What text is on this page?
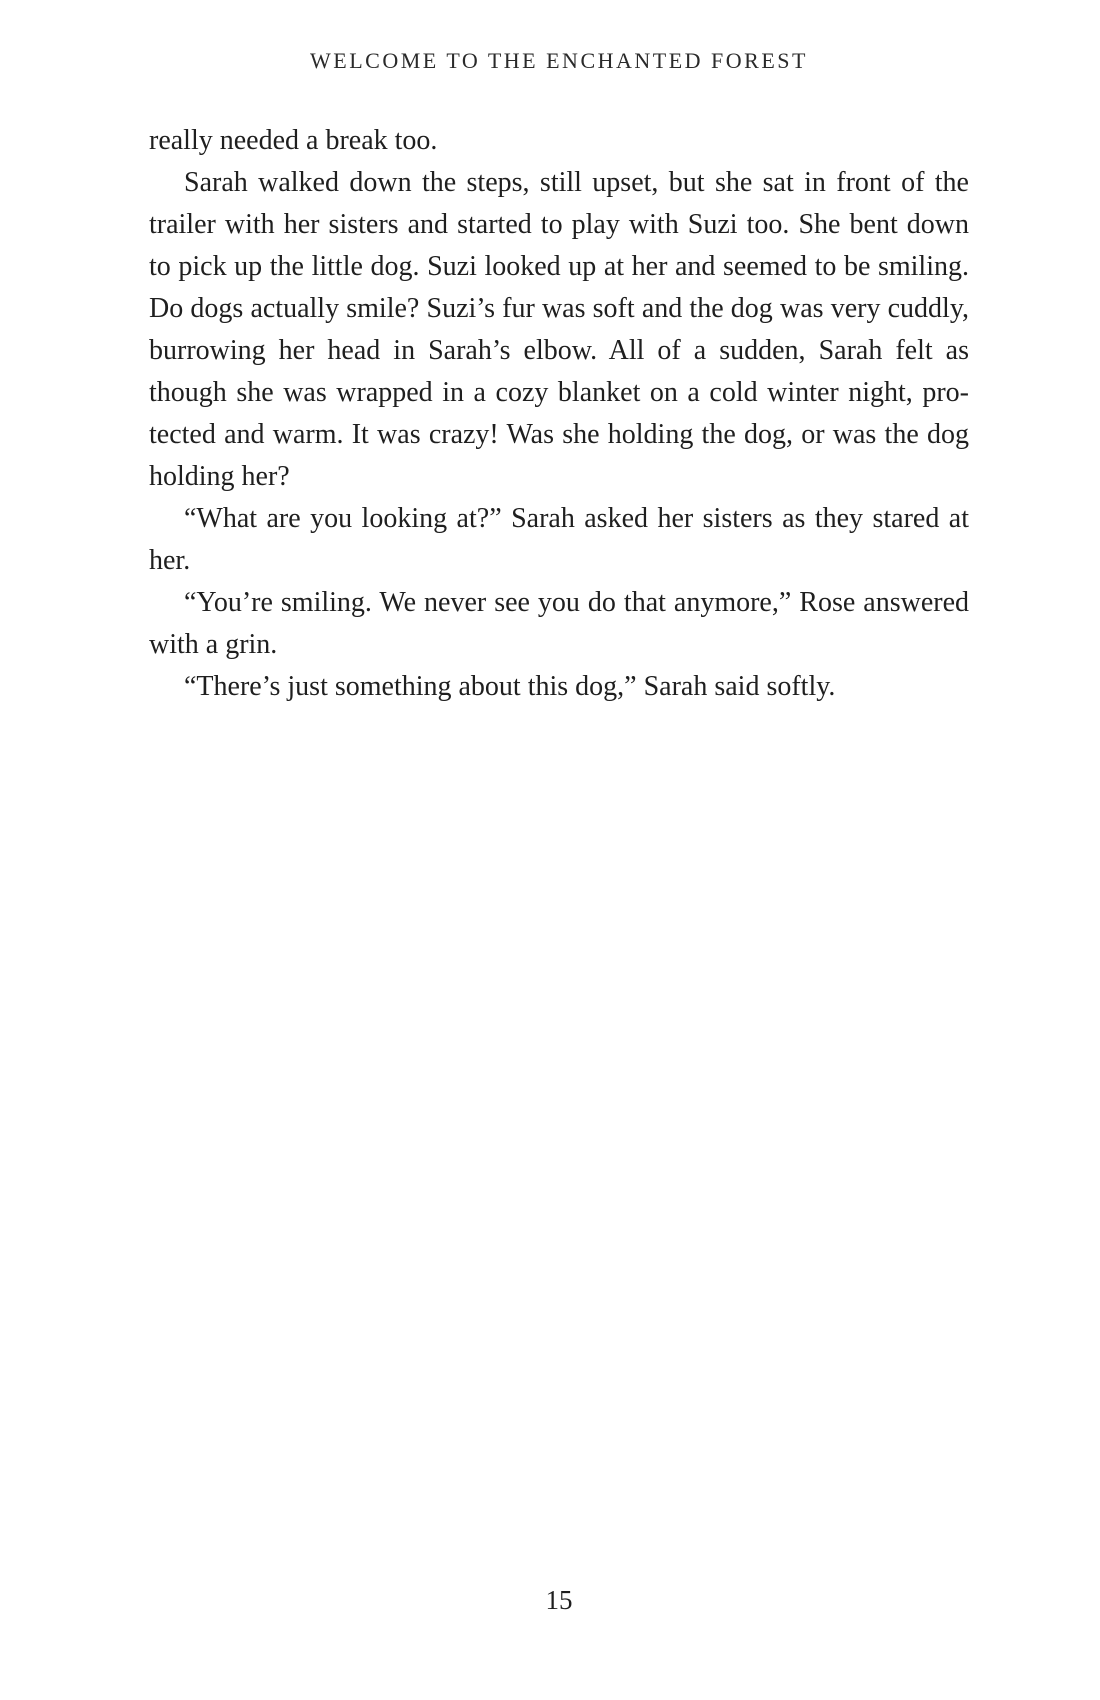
WELCOME TO THE ENCHANTED FOREST

really needed a break too.

Sarah walked down the steps, still upset, but she sat in front of the trailer with her sisters and started to play with Suzi too. She bent down to pick up the little dog. Suzi looked up at her and seemed to be smiling. Do dogs actually smile? Suzi’s fur was soft and the dog was very cuddly, burrowing her head in Sarah’s elbow. All of a sudden, Sarah felt as though she was wrapped in a cozy blanket on a cold winter night, protected and warm. It was crazy! Was she holding the dog, or was the dog holding her?

“What are you looking at?” Sarah asked her sisters as they stared at her.

“You’re smiling. We never see you do that anymore,” Rose answered with a grin.

“There’s just something about this dog,” Sarah said softly.

15
